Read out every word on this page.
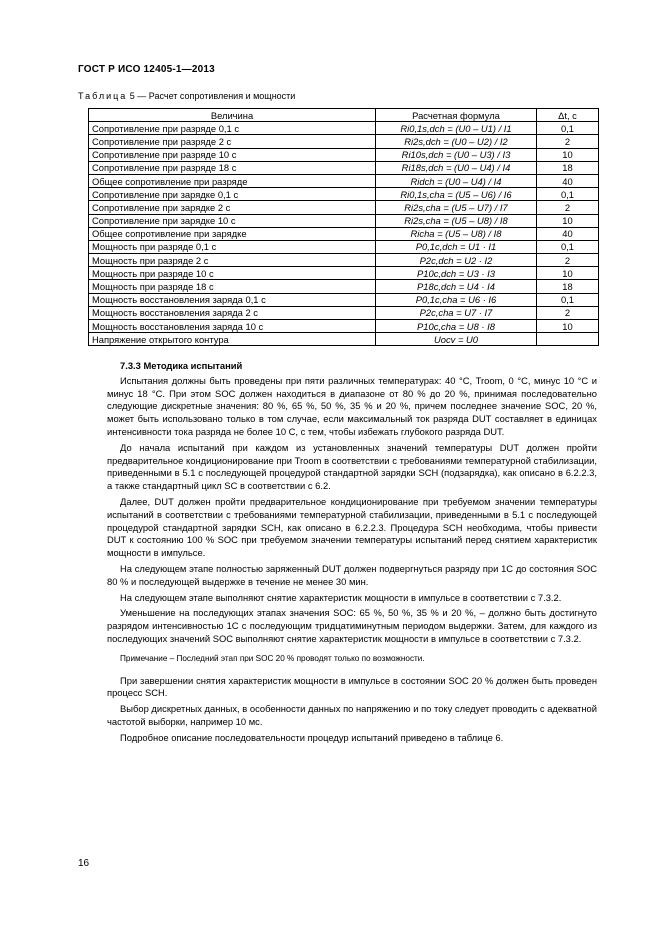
ГОСТ Р ИСО 12405-1—2013
Таблица 5 — Расчет сопротивления и мощности
Величина	Расчетная формула	Δt, с
Сопротивление при разряде 0,1 с	Ri0,1s,dch = (U0 – U1) / I1	0,1
Сопротивление при разряде 2 с	Ri2s,dch = (U0 – U2) / I2	2
Сопротивление при разряде 10 с	Ri10s,dch = (U0 – U3) / I3	10
Сопротивление при разряде 18 с	Ri18s,dch = (U0 – U4) / I4	18
Общее сопротивление при разряде	Ridch = (U0 – U4) / I4	40
Сопротивление при зарядке 0,1 с	Ri0,1s,cha = (U5 – U6) / I6	0,1
Сопротивление при зарядке 2 с	Ri2s,cha = (U5 – U7) / I7	2
Сопротивление при зарядке 10 с	Ri2s,cha = (U5 – U8) / I8	10
Общее сопротивление при зарядке	Richa = (U5 – U8) / I8	40
Мощность при разряде 0,1 с	P0,1c,dch = U1 · I1	0,1
Мощность при разряде 2 с	P2c,dch = U2 · I2	2
Мощность при разряде 10 с	P10c,dch = U3 · I3	10
Мощность при разряде 18 с	P18c,dch = U4 · I4	18
Мощность восстановления заряда 0,1 с	P0,1c,cha = U6 · I6	0,1
Мощность восстановления заряда 2 с	P2c,cha = U7 · I7	2
Мощность восстановления заряда 10 с	P10c,cha = U8 · I8	10
Напряжение открытого контура	Uocv = U0	
7.3.3 Методика испытаний

Испытания должны быть проведены при пяти различных температурах: 40 °С, Troom, 0 °С, минус 10 °С и минус 18 °С. При этом SOC должен находиться в диапазоне от 80 % до 20 %, принимая последовательно следующие дискретные значения: 80 %, 65 %, 50 %, 35 % и 20 %, причем последнее значение SOC, 20 %, может быть использовано только в том случае, если максимальный ток разряда DUT составляет в единицах интенсивности тока разряда не более 10 С, с тем, чтобы избежать глубокого разряда DUT.

До начала испытаний при каждом из установленных значений температуры DUT должен пройти предварительное кондиционирование при Troom в соответствии с требованиями температурной стабилизации, приведенными в 5.1 с последующей процедурой стандартной зарядки SCH (подзарядка), как описано в 6.2.2.3, а также стандартный цикл SC в соответствии с 6.2.

Далее, DUT должен пройти предварительное кондиционирование при требуемом значении температуры испытаний в соответствии с требованиями температурной стабилизации, приведенными в 5.1 с последующей процедурой стандартной зарядки SCH, как описано в 6.2.2.3. Процедура SCH необходима, чтобы привести DUT к состоянию 100 % SOC при требуемом значении температуры испытаний перед снятием характеристик мощности в импульсе.

На следующем этапе полностью заряженный DUT должен подвергнуться разряду при 1С до состояния SOC 80 % и последующей выдержке в течение не менее 30 мин.

На следующем этапе выполняют снятие характеристик мощности в импульсе в соответствии с 7.3.2.

Уменьшение на последующих этапах значения SOC: 65 %, 50 %, 35 % и 20 %, – должно быть достигнуто разрядом интенсивностью 1С с последующим тридцатиминутным периодом выдержки. Затем, для каждого из последующих значений SOC выполняют снятие характеристик мощности в импульсе в соответствии с 7.3.2.

Примечание – Последний этап при SOC 20 % проводят только по возможности.

При завершении снятия характеристик мощности в импульсе в состоянии SOC 20 % должен быть проведен процесс SCH.

Выбор дискретных данных, в особенности данных по напряжению и по току следует проводить с адекватной частотой выборки, например 10 мс.

Подробное описание последовательности процедур испытаний приведено в таблице 6.

16
